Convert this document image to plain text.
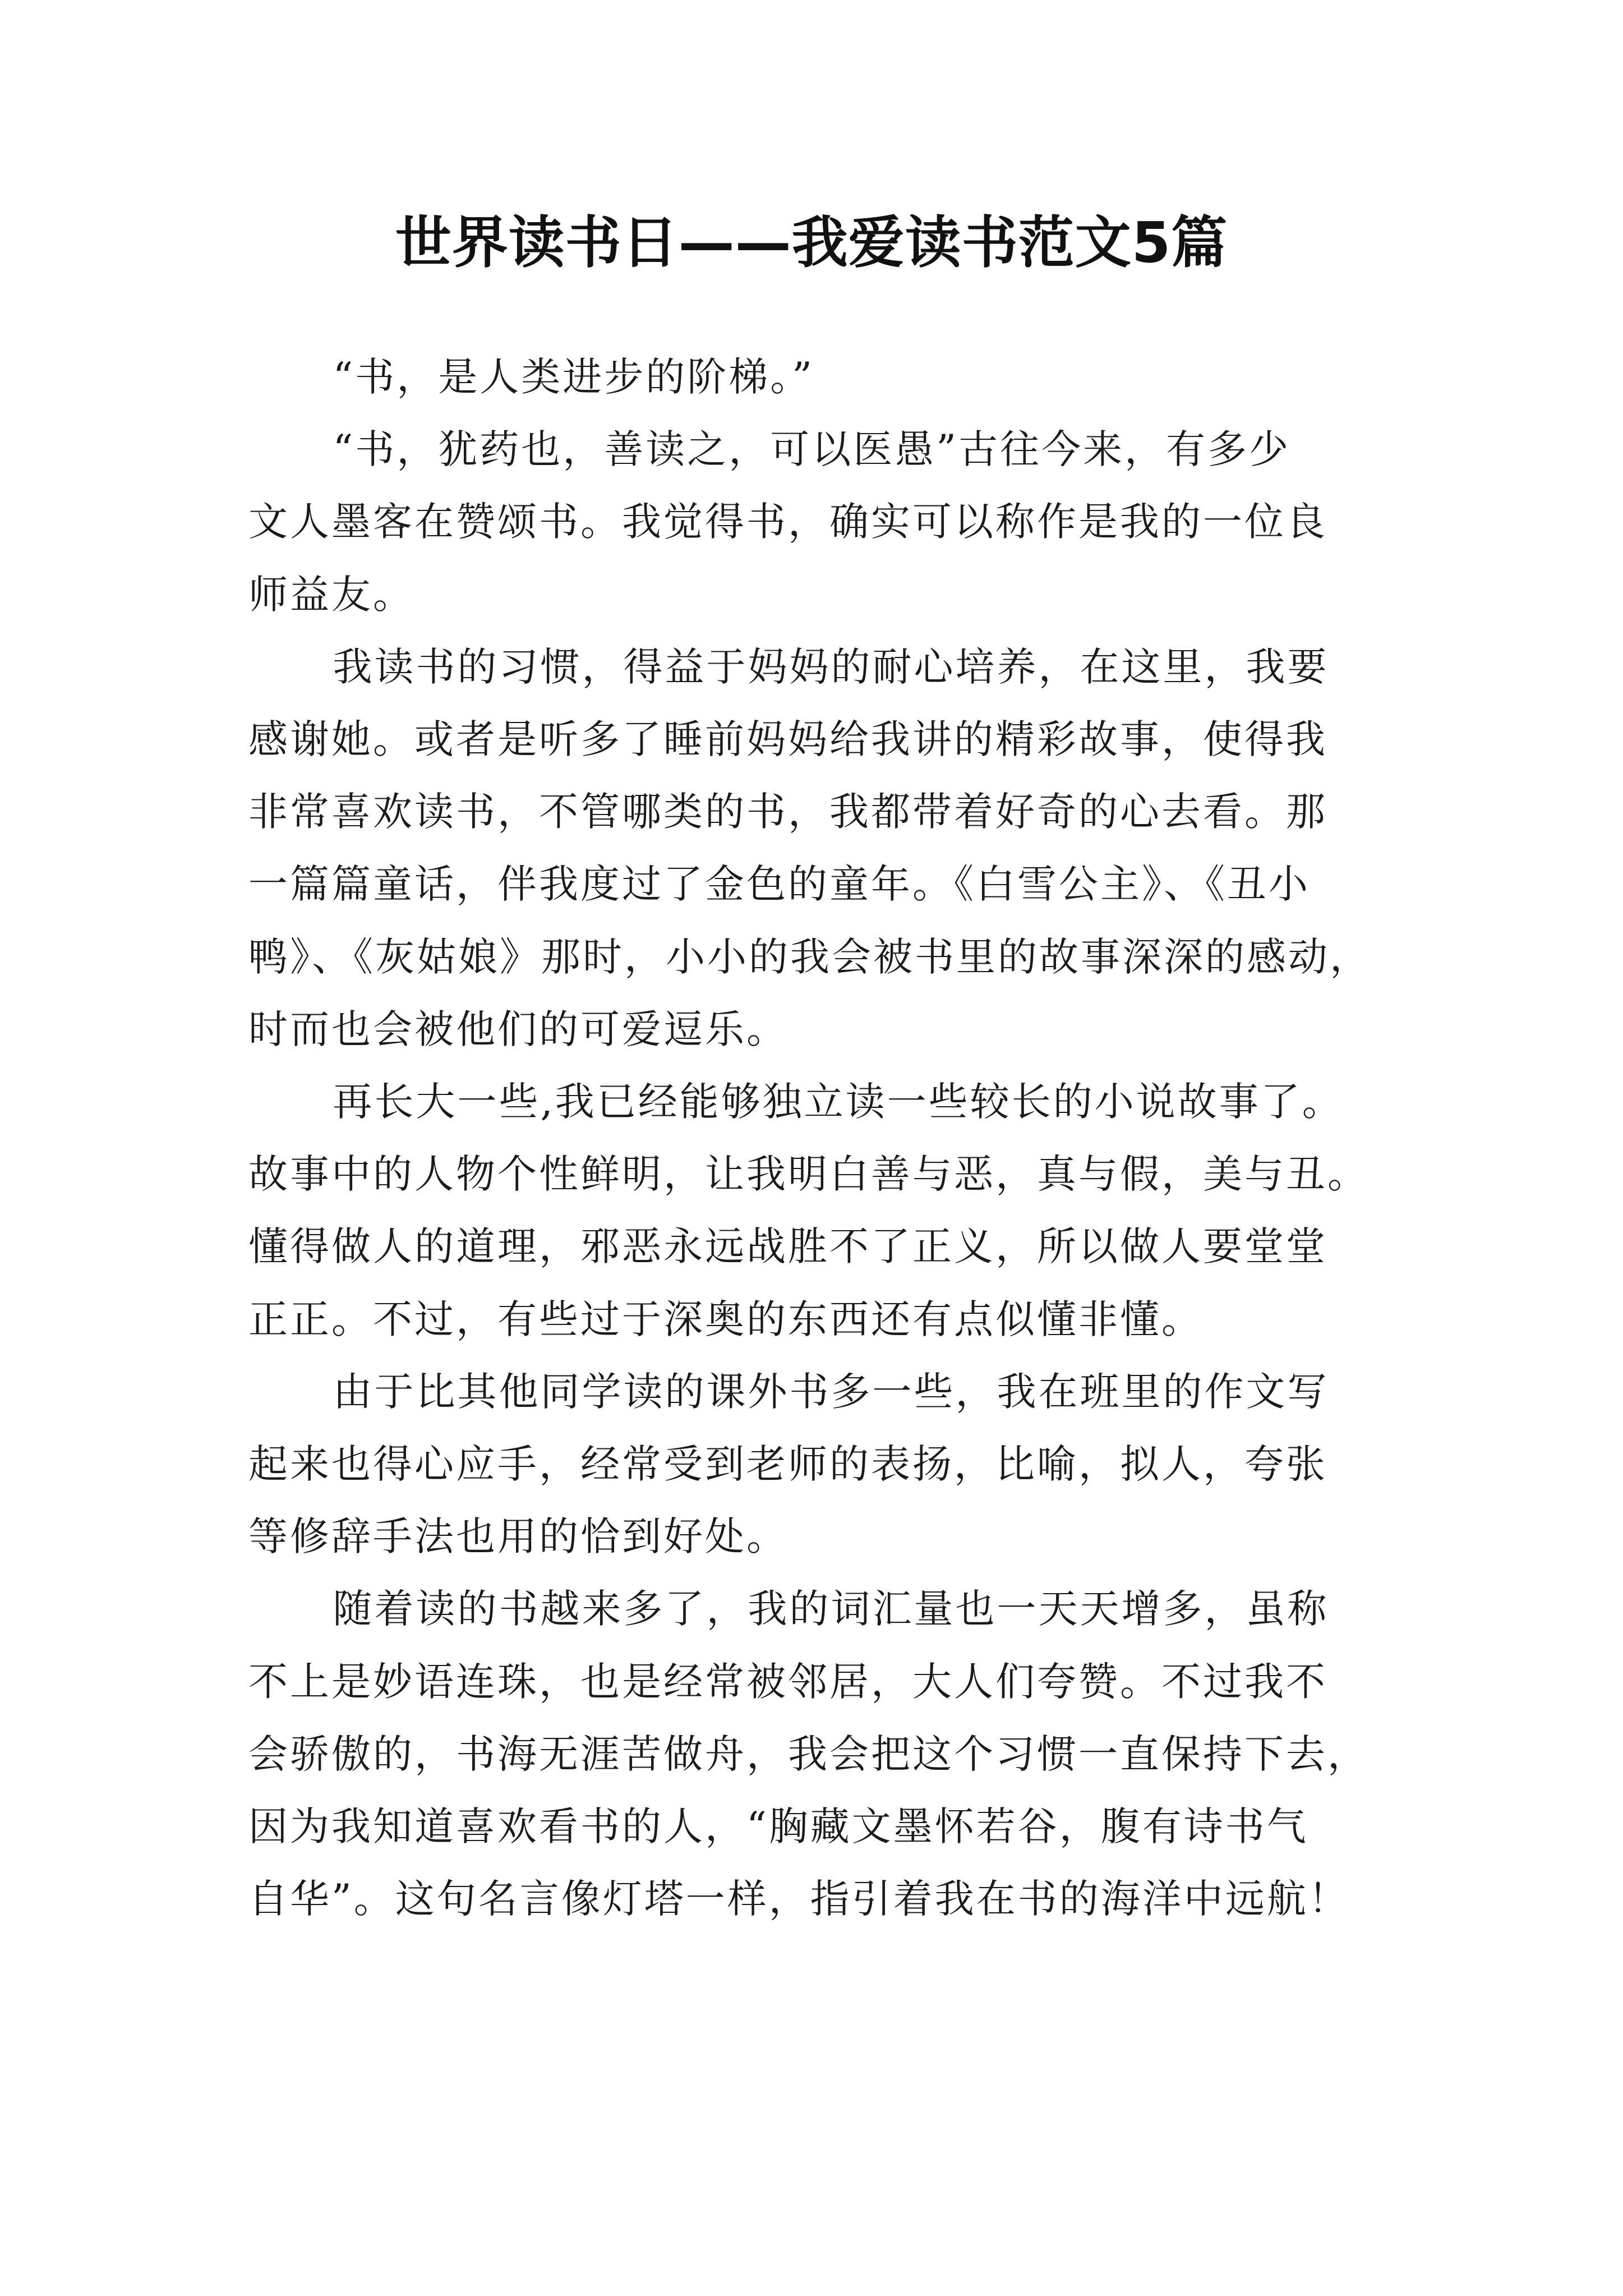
世界读书日——我爱读书范文5篇

“书，是人类进步的阶梯。”

“书，犹药也，善读之，可以医愚”古往今来，有多少
文人墨客在赞颂书。我觉得书，确实可以称作是我的一位良
师益友。

我读书的习惯，得益于妈妈的耐心培养，在这里，我要
感谢她。或者是听多了睡前妈妈给我讲的精彩故事，使得我
非常喜欢读书，不管哪类的书，我都带着好奇的心去看。那
一篇篇童话，伴我度过了金色的童年。《白雪公主》、《丑小
鸭》、《灰姑娘》那时，小小的我会被书里的故事深深的感动，
时而也会被他们的可爱逗乐。

再长大一些,我已经能够独立读一些较长的小说故事了。
故事中的人物个性鲜明，让我明白善与恶，真与假，美与丑。
懂得做人的道理，邪恶永远战胜不了正义，所以做人要堂堂
正正。不过，有些过于深奥的东西还有点似懂非懂。

由于比其他同学读的课外书多一些，我在班里的作文写
起来也得心应手，经常受到老师的表扬，比喻，拟人，夸张
等修辞手法也用的恰到好处。

随着读的书越来多了，我的词汇量也一天天增多，虽称
不上是妙语连珠，也是经常被邻居，大人们夸赞。不过我不
会骄傲的，书海无涯苦做舟，我会把这个习惯一直保持下去，
因为我知道喜欢看书的人，“胸藏文墨怀若谷，腹有诗书气
自华”。这句名言像灯塔一样，指引着我在书的海洋中远航！
